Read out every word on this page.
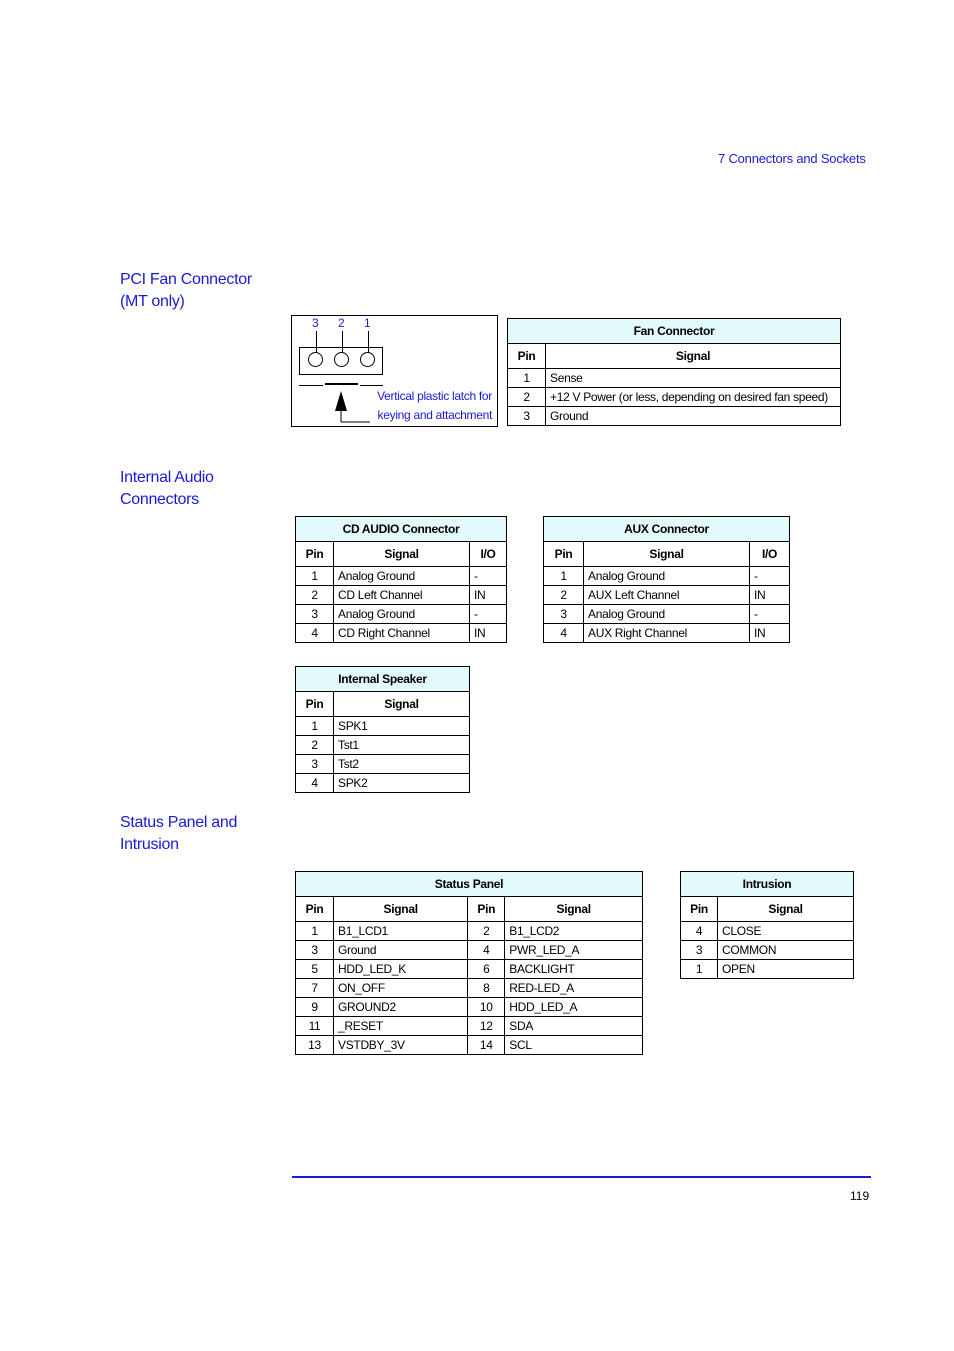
7 Connectors and Sockets
PCI Fan Connector
(MT only)
Internal Audio
Connectors
Status Panel and
Intrusion
3 2 1
Vertical plastic latch for
keying and attachment
Fan Connector	
Pin	Signal
1	Sense
2	+12 V Power (or less, depending on desired fan speed)
3	Ground
CD AUDIO Connector		
Pin	Signal	I/O
1	Analog Ground	-
2	CD Left Channel	IN
3	Analog Ground	-
4	CD Right Channel	IN
AUX Connector		
Pin	Signal	I/O
1	Analog Ground	-
2	AUX Left Channel	IN
3	Analog Ground	-
4	AUX Right Channel	IN
Internal Speaker	
Pin	Signal
1	SPK1
2	Tst1
3	Tst2
4	SPK2
Status Panel			
Pin	Signal	Pin	Signal
1	B1_LCD1	2	B1_LCD2
3	Ground	4	PWR_LED_A
5	HDD_LED_K	6	BACKLIGHT
7	ON_OFF	8	RED-LED_A
9	GROUND2	10	HDD_LED_A
11	_RESET	12	SDA
13	VSTDBY_3V	14	SCL
Intrusion	
Pin	Signal
4	CLOSE
3	COMMON
1	OPEN
119
